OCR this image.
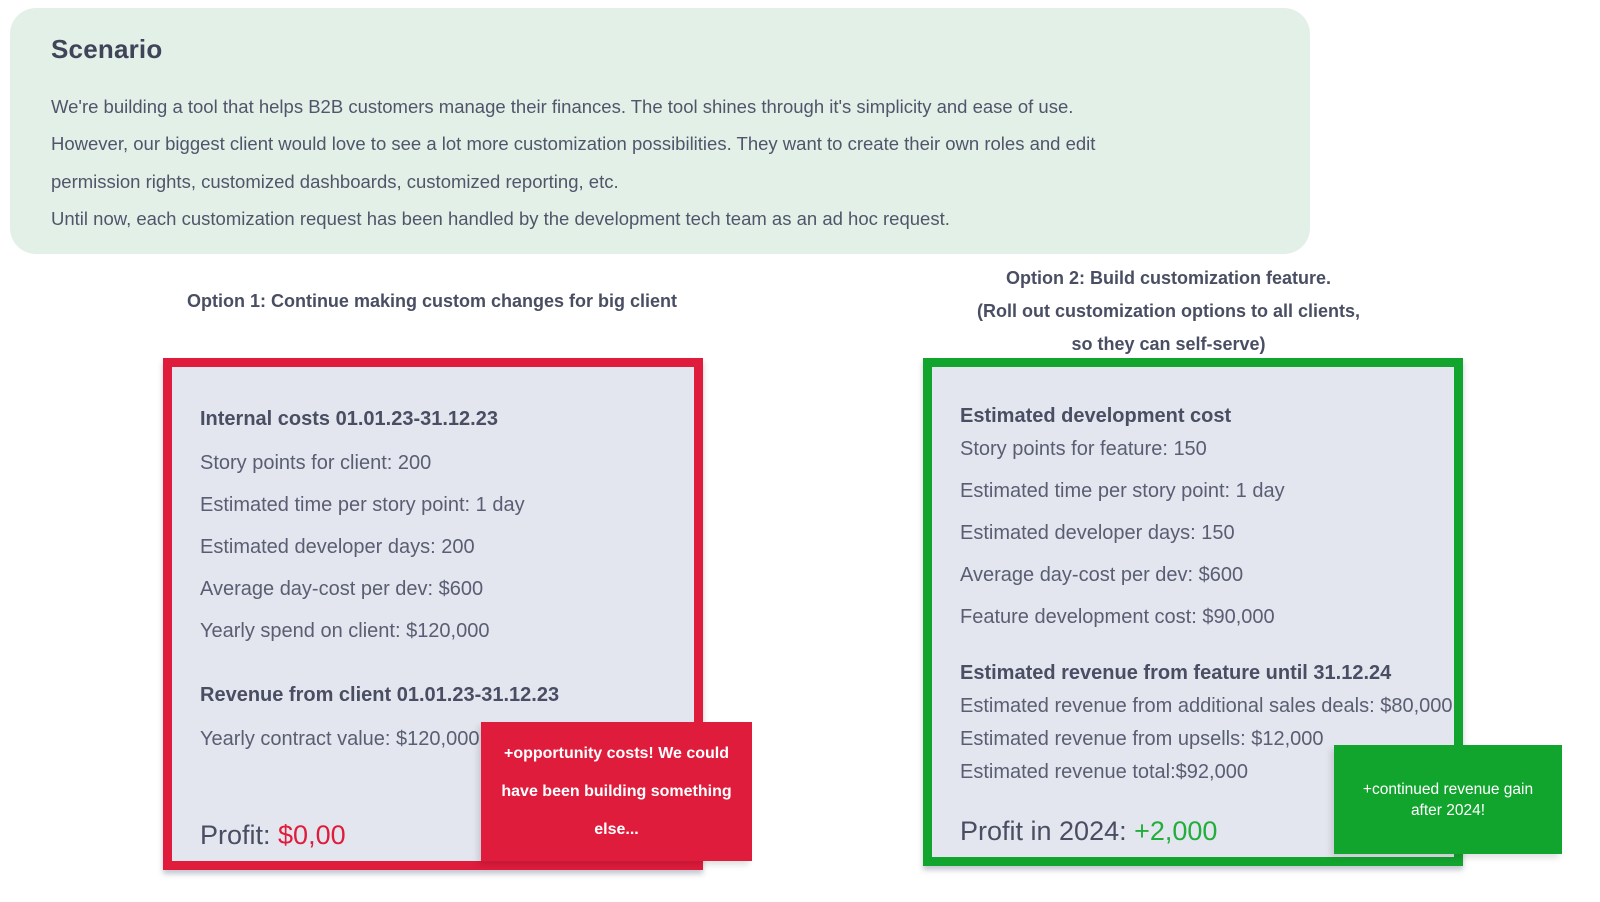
Scenario
We're building a tool that helps B2B customers manage their finances. The tool shines through it's simplicity and ease of use.
However, our biggest client would love to see a lot more customization possibilities. They want to create their own roles and edit
permission rights, customized dashboards, customized reporting, etc.
Until now, each customization request has been handled by the development tech team as an ad hoc request.
Option 1: Continue making custom changes for big client
Internal costs 01.01.23-31.12.23
Story points for client: 200
Estimated time per story point: 1 day
Estimated developer days: 200
Average day-cost per dev: $600
Yearly spend on client: $120,000
Revenue from client 01.01.23-31.12.23
Yearly contract value: $120,000
Profit: $0,00
Option 2: Build customization feature.
(Roll out customization options to all clients,
so they can self-serve)
Estimated development cost
Story points for feature: 150
Estimated time per story point: 1 day
Estimated developer days: 150
Average day-cost per dev: $600
Feature development cost: $90,000
Estimated revenue from feature until 31.12.24
Estimated revenue from additional sales deals: $80,000
Estimated revenue from upsells: $12,000
Estimated revenue total:$92,000
Profit in 2024: +2,000
+opportunity costs! We could
have been building something
else...
+continued revenue gain
after 2024!
